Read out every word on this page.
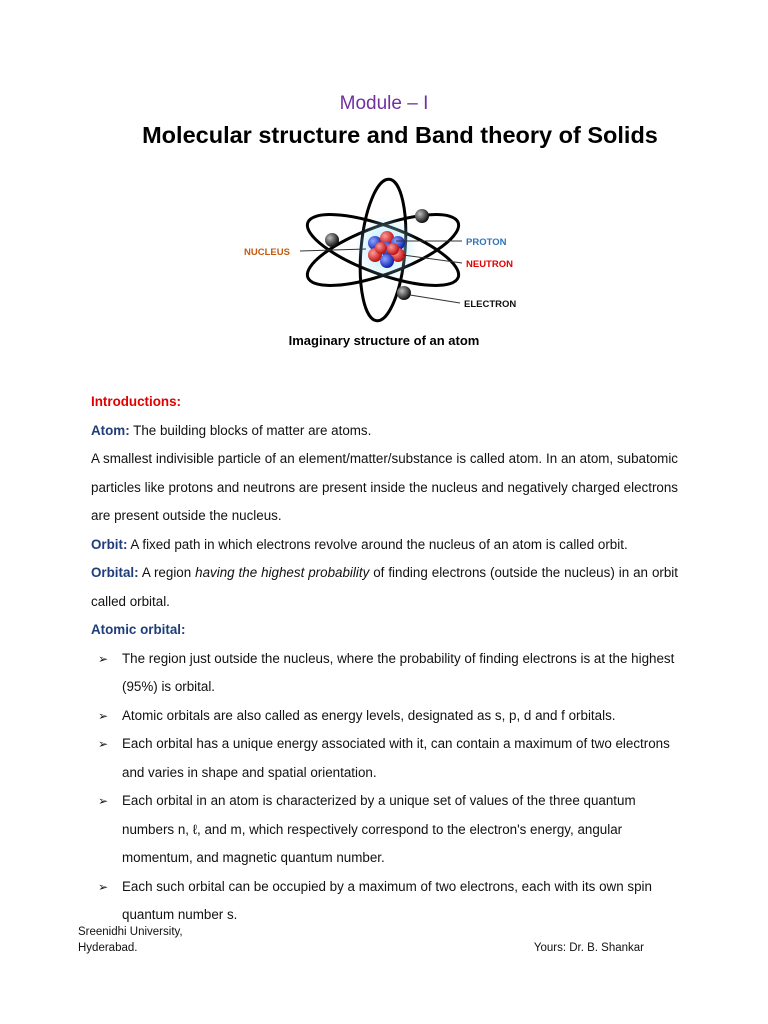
Module – I
Molecular structure and Band theory of Solids
NUCLEUS
PROTON
NEUTRON
ELECTRON
Imaginary structure of an atom

Introductions:

Atom: The building blocks of matter are atoms.

A smallest indivisible particle of an element/matter/substance is called atom. In an atom, subatomic particles like protons and neutrons are present inside the nucleus and negatively charged electrons are present outside the nucleus.

Orbit: A fixed path in which electrons revolve around the nucleus of an atom is called orbit.

Orbital: A region having the highest probability of finding electrons (outside the nucleus) in an orbit called orbital.

Atomic orbital:

➢ The region just outside the nucleus, where the probability of finding electrons is at the highest (95%) is orbital.
➢ Atomic orbitals are also called as energy levels, designated as s, p, d and f orbitals.
➢ Each orbital has a unique energy associated with it, can contain a maximum of two electrons and varies in shape and spatial orientation.
➢ Each orbital in an atom is characterized by a unique set of values of the three quantum numbers n, ℓ, and m, which respectively correspond to the electron's energy, angular momentum, and magnetic quantum number.
➢ Each such orbital can be occupied by a maximum of two electrons, each with its own spin quantum number s.
Sreenidhi University,
Hyderabad.	Yours: Dr. B. Shankar
